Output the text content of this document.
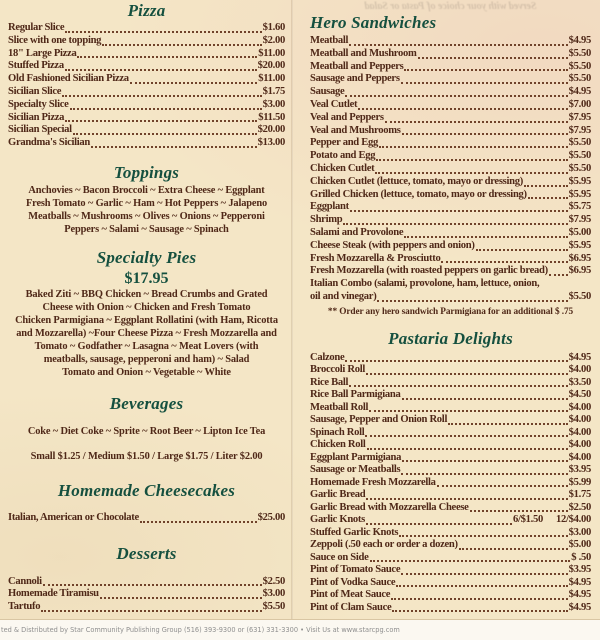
Served with your choice of Pasta or Salad
Pizza
Regular Slice	$1.60
Slice with one topping	$2.00
18" Large Pizza	$11.00
Stuffed Pizza	$20.00
Old Fashioned Sicilian Pizza	$11.00
Sicilian Slice	$1.75
Specialty Slice	$3.00
Sicilian Pizza	$11.50
Sicilian Special	$20.00
Grandma's Sicilian	$13.00
Toppings

Anchovies ~ Bacon Broccoli ~ Extra Cheese ~ Eggplant

Fresh Tomato ~ Garlic ~ Ham ~ Hot Peppers ~ Jalapeno

Meatballs ~ Mushrooms ~ Olives ~ Onions ~ Pepperoni

Peppers ~ Salami ~ Sausage ~ Spinach

Specialty Pies
$17.95

Baked Ziti ~ BBQ Chicken ~ Bread Crumbs and Grated

Cheese with Onion ~ Chicken and Fresh Tomato

Chicken Parmigiana ~ Eggplant Rollatini (with Ham, Ricotta

and Mozzarella) ~Four Cheese Pizza ~ Fresh Mozzarella and

Tomato ~ Godfather ~ Lasagna ~ Meat Lovers (with

meatballs, sausage, pepperoni and ham) ~ Salad

Tomato and Onion ~ Vegetable ~ White

Beverages

Coke ~ Diet Coke ~ Sprite ~ Root Beer ~ Lipton Ice Tea

Small $1.25 / Medium $1.50 / Large $1.75 / Liter $2.00

Homemade Cheesecakes
Italian, American or Chocolate	$25.00
Desserts
Cannoli	$2.50
Homemade Tiramisu	$3.00
Tartufo	$5.50
Hero Sandwiches
Meatball	$4.95
Meatball and Mushroom	$5.50
Meatball and Peppers	$5.50
Sausage and Peppers	$5.50
Sausage	$4.95
Veal Cutlet	$7.00
Veal and Peppers	$7.95
Veal and Mushrooms	$7.95
Pepper and Egg	$5.50
Potato and Egg	$5.50
Chicken Cutlet	$5.50
Chicken Cutlet (lettuce, tomato, mayo or dressing)	$5.95
Grilled Chicken (lettuce, tomato, mayo or dressing)	$5.95
Eggplant	$5.75
Shrimp	$7.95
Salami and Provolone	$5.00
Cheese Steak (with peppers and onion)	$5.95
Fresh Mozzarella & Prosciutto	$6.95
Fresh Mozzarella (with roasted peppers on garlic bread) $6.95
Italian Combo (salami, provolone, ham, lettuce, onion,
oil and vinegar)	$5.50

** Order any hero sandwich Parmigiana for an additional $ .75

Pastaria Delights
Calzone	$4.95
Broccoli Roll	$4.00
Rice Ball	$3.50
Rice Ball Parmigiana	$4.50
Meatball Roll	$4.00
Sausage, Pepper and Onion Roll	$4.00
Spinach Roll	$4.00
Chicken Roll	$4.00
Eggplant Parmigiana	$4.00
Sausage or Meatballs	$3.95
Homemade Fresh Mozzarella	$5.99
Garlic Bread	$1.75
Garlic Bread with Mozzarella Cheese	$2.50
Garlic Knots	6/$1.50 12/$4.00
Stuffed Garlic Knots	$3.00
Zeppoli (.50 each or order a dozen)	$5.00
Sauce on Side	$ .50
Pint of Tomato Sauce	$3.95
Pint of Vodka Sauce	$4.95
Pint of Meat Sauce	$4.95
Pint of Clam Sauce	$4.95
ted & Distributed by Star Community Publishing Group (516) 393-9300 or (631) 331-3300 • Visit Us at www.starcpg.com
